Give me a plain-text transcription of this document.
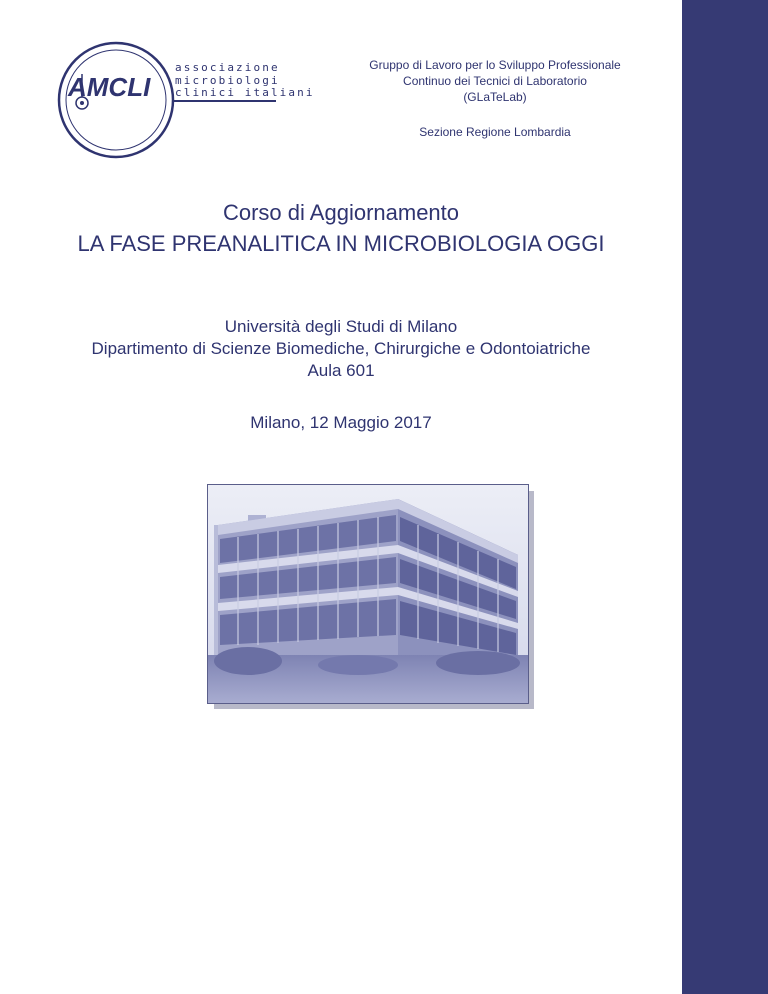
AMCLI
associazione
microbiologi
clinici italiani
Gruppo di Lavoro per lo Sviluppo Professionale
Continuo dei Tecnici di Laboratorio
(GLaTeLab)
Sezione Regione Lombardia
Corso di Aggiornamento
LA FASE PREANALITICA IN MICROBIOLOGIA OGGI
Università degli Studi di Milano
Dipartimento di Scienze Biomediche, Chirurgiche e Odontoiatriche
Aula 601
Milano, 12 Maggio 2017
